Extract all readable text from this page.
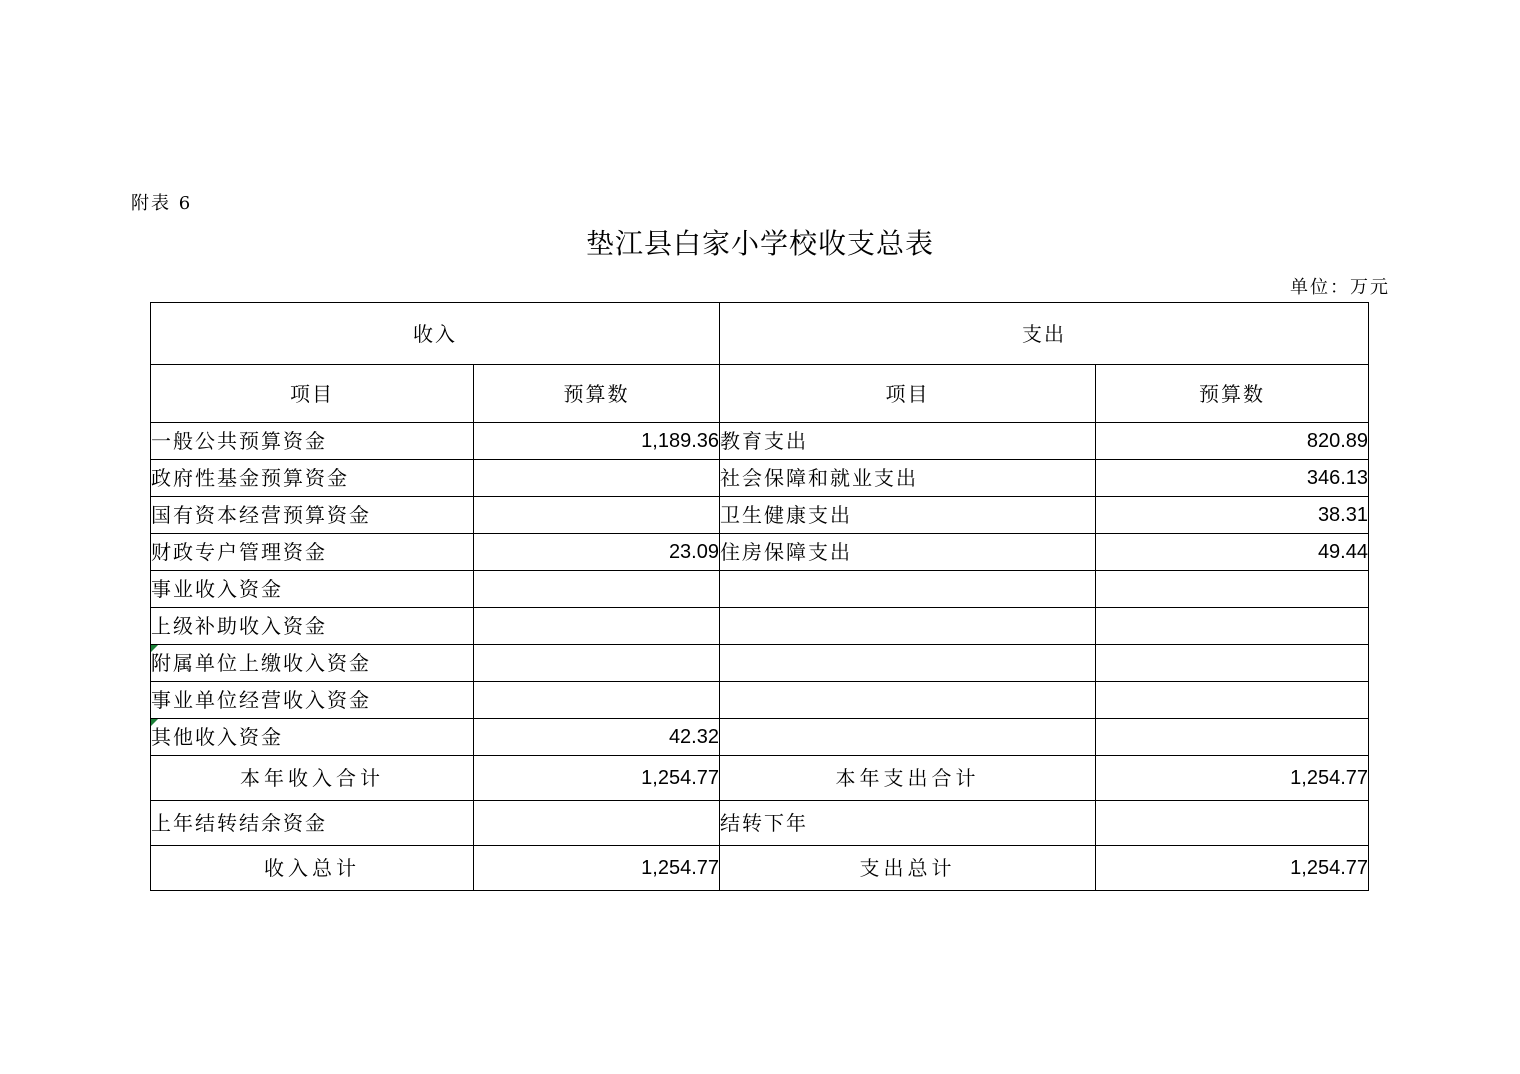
附表 6
垫江县白家小学校收支总表
单位：万元
收入		支出	
项目	预算数	项目	预算数
一般公共预算资金	1,189.36	教育支出	820.89
政府性基金预算资金		社会保障和就业支出	346.13
国有资本经营预算资金		卫生健康支出	38.31
财政专户管理资金	23.09	住房保障支出	49.44
事业收入资金			
上级补助收入资金			

附属单位上缴收入资金			
事业单位经营收入资金			

其他收入资金	42.32		
本年收入合计	1,254.77	本年支出合计	1,254.77
上年结转结余资金		结转下年	
收入总计	1,254.77	支出总计	1,254.77
